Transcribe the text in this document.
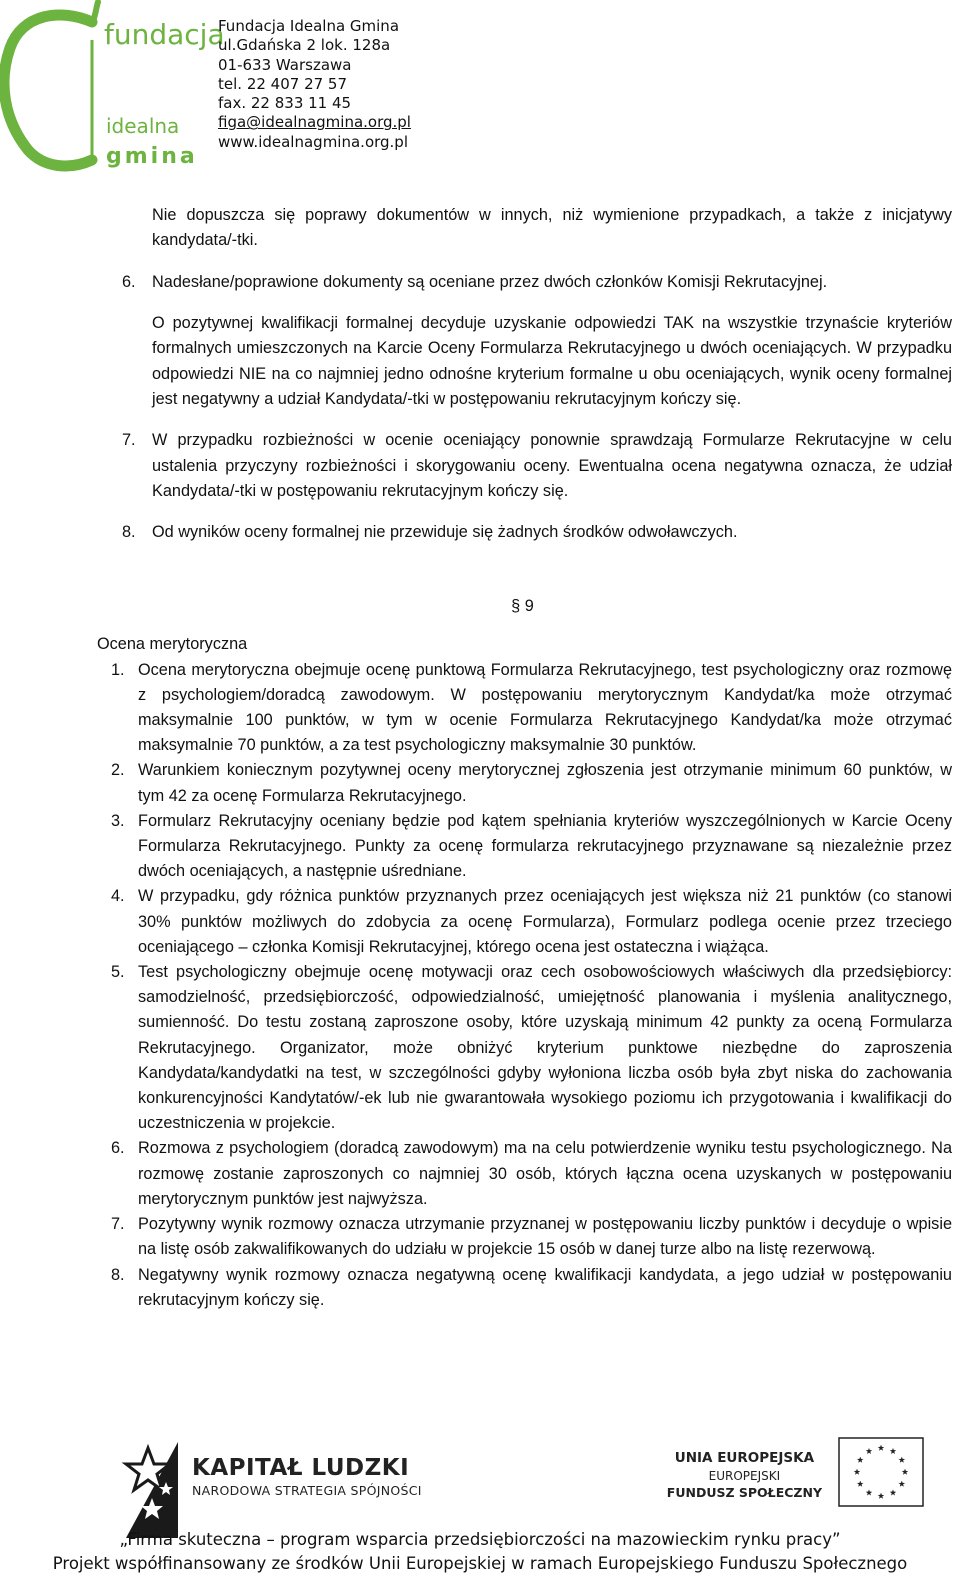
fundacja
idealna
gmina
Fundacja Idealna Gmina
ul.Gdańska 2 lok. 128a
01-633 Warszawa
tel. 22 407 27 57
fax. 22 833 11 45
figa@idealnagmina.org.pl
www.idealnagmina.org.pl
Nie dopuszcza się poprawy dokumentów w innych, niż wymienione przypadkach, a także z inicjatywy kandydata/-tki.
6. Nadesłane/poprawione dokumenty są oceniane przez dwóch członków Komisji Rekrutacyjnej.

O pozytywnej kwalifikacji formalnej decyduje uzyskanie odpowiedzi TAK na wszystkie trzynaście kryteriów formalnych umieszczonych na Karcie Oceny Formularza Rekrutacyjnego u dwóch oceniających. W przypadku odpowiedzi NIE na co najmniej jedno odnośne kryterium formalne u obu oceniających, wynik oceny formalnej jest negatywny a udział Kandydata/-tki w postępowaniu rekrutacyjnym kończy się.

7. W przypadku rozbieżności w ocenie oceniający ponownie sprawdzają Formularze Rekrutacyjne w celu ustalenia przyczyny rozbieżności i skorygowaniu oceny. Ewentualna ocena negatywna oznacza, że udział Kandydata/-tki w postępowaniu rekrutacyjnym kończy się.

8. Od wyników oceny formalnej nie przewiduje się żadnych środków odwoławczych.

§ 9
Ocena merytoryczna
1. Ocena merytoryczna obejmuje ocenę punktową Formularza Rekrutacyjnego, test psychologiczny oraz rozmowę z psychologiem/doradcą zawodowym. W postępowaniu merytorycznym Kandydat/ka może otrzymać maksymalnie 100 punktów, w tym w ocenie Formularza Rekrutacyjnego Kandydat/ka może otrzymać maksymalnie 70 punktów, a za test psychologiczny maksymalnie 30 punktów.
2. Warunkiem koniecznym pozytywnej oceny merytorycznej zgłoszenia jest otrzymanie minimum 60 punktów, w tym 42 za ocenę Formularza Rekrutacyjnego.
3. Formularz Rekrutacyjny oceniany będzie pod kątem spełniania kryteriów wyszczególnionych w Karcie Oceny Formularza Rekrutacyjnego. Punkty za ocenę formularza rekrutacyjnego przyznawane są niezależnie przez dwóch oceniających, a następnie uśredniane.
4. W przypadku, gdy różnica punktów przyznanych przez oceniających jest większa niż 21 punktów (co stanowi 30% punktów możliwych do zdobycia za ocenę Formularza), Formularz podlega ocenie przez trzeciego oceniającego – członka Komisji Rekrutacyjnej, którego ocena jest ostateczna i wiążąca.
5. Test psychologiczny obejmuje ocenę motywacji oraz cech osobowościowych właściwych dla przedsiębiorcy: samodzielność, przedsiębiorczość, odpowiedzialność, umiejętność planowania i myślenia analitycznego, sumienność. Do testu zostaną zaproszone osoby, które uzyskają minimum 42 punkty za oceną Formularza Rekrutacyjnego. Organizator, może obniżyć kryterium punktowe niezbędne do zaproszenia Kandydata/kandydatki na test, w szczególności gdyby wyłoniona liczba osób była zbyt niska do zachowania konkurencyjności Kandytatów/-ek lub nie gwarantowała wysokiego poziomu ich przygotowania i kwalifikacji do uczestniczenia w projekcie.
6. Rozmowa z psychologiem (doradcą zawodowym) ma na celu potwierdzenie wyniku testu psychologicznego. Na rozmowę zostanie zaproszonych co najmniej 30 osób, których łączna ocena uzyskanych w postępowaniu merytorycznym punktów jest najwyższa.
7. Pozytywny wynik rozmowy oznacza utrzymanie przyznanej w postępowaniu liczby punktów i decyduje o wpisie na listę osób zakwalifikowanych do udziału w projekcie 15 osób w danej turze albo na listę rezerwową.
8. Negatywny wynik rozmowy oznacza negatywną ocenę kwalifikacji kandydata, a jego udział w postępowaniu rekrutacyjnym kończy się.
KAPITAŁ LUDZKI
NARODOWA STRATEGIA SPÓJNOŚCI
UNIA EUROPEJSKA
EUROPEJSKI
FUNDUSZ SPOŁECZNY
„Firma skuteczna – program wsparcia przedsiębiorczości na mazowieckim rynku pracy”
Projekt współfinansowany ze środków Unii Europejskiej w ramach Europejskiego Funduszu Społecznego
